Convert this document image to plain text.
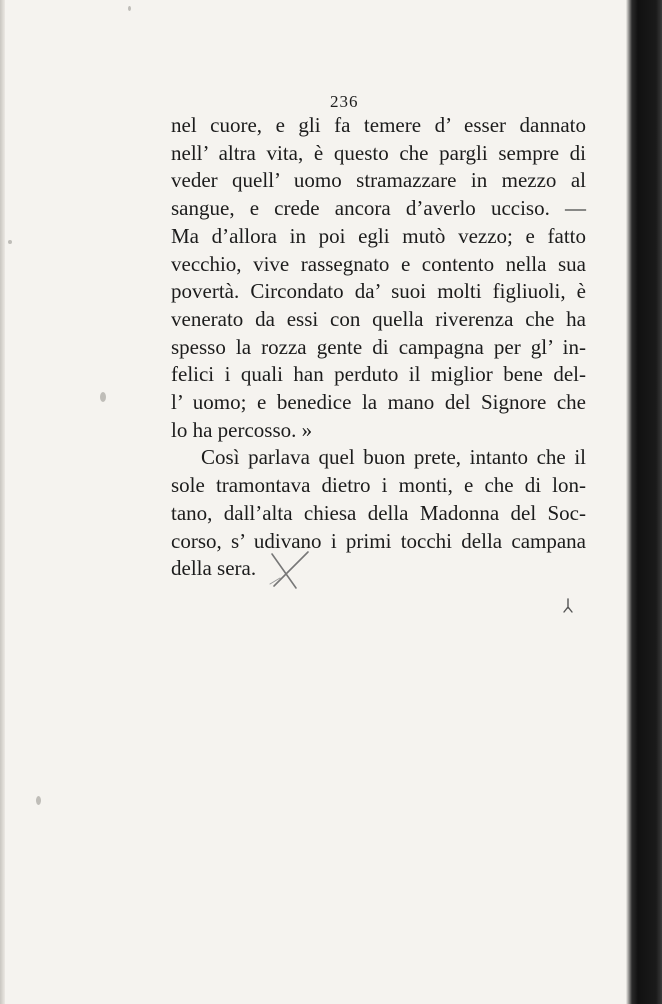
236
nel cuore, e gli fa temere d’ esser dannato
nell’ altra vita, è questo che pargli sempre di
veder quell’ uomo stramazzare in mezzo al
sangue, e crede ancora d’averlo ucciso. —
Ma d’allora in poi egli mutò vezzo; e fatto
vecchio, vive rassegnato e contento nella sua
povertà. Circondato da’ suoi molti figliuoli, è
venerato da essi con quella riverenza che ha
spesso la rozza gente di campagna per gl’ in-
felici i quali han perduto il miglior bene del-
l’ uomo; e benedice la mano del Signore che
lo ha percosso. »
Così parlava quel buon prete, intanto che il
sole tramontava dietro i monti, e che di lon-
tano, dall’alta chiesa della Madonna del Soc-
corso, s’ udivano i primi tocchi della campana
della sera.
